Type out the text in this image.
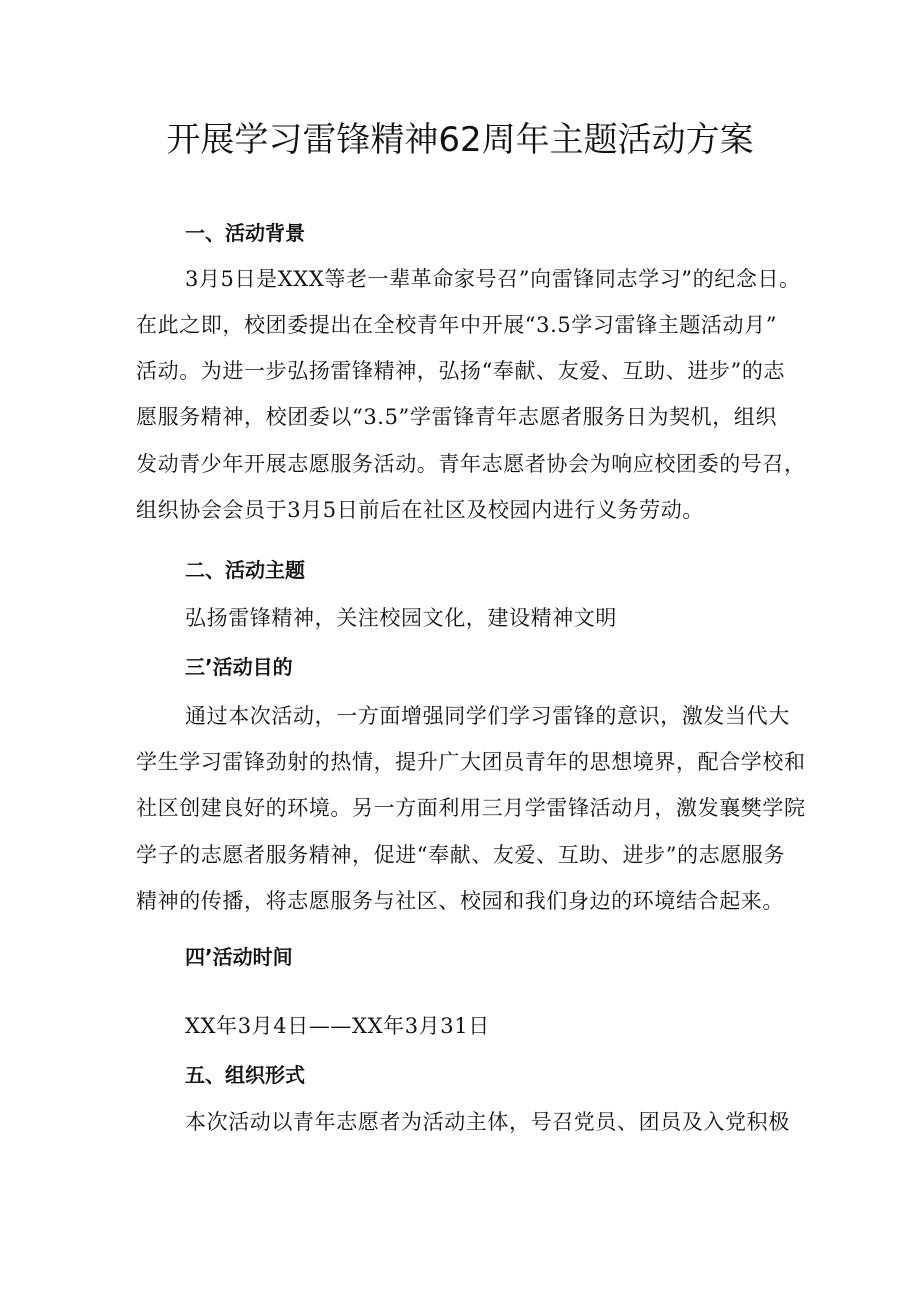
开展学习雷锋精神62周年主题活动方案
一、活动背景
3月5日是XXX等老一辈革命家号召”向雷锋同志学习”的纪念日。
在此之即，校团委提出在全校青年中开展“3.5学习雷锋主题活动月”
活动。为进一步弘扬雷锋精神，弘扬“奉献、友爱、互助、进步”的志
愿服务精神，校团委以“3.5”学雷锋青年志愿者服务日为契机，组织
发动青少年开展志愿服务活动。青年志愿者协会为响应校团委的号召，
组织协会会员于3月5日前后在社区及校园内进行义务劳动。
二、活动主题
弘扬雷锋精神，关注校园文化，建设精神文明
三’活动目的
通过本次活动，一方面增强同学们学习雷锋的意识，激发当代大
学生学习雷锋劲射的热情，提升广大团员青年的思想境界，配合学校和
社区创建良好的环境。另一方面利用三月学雷锋活动月，激发襄樊学院
学子的志愿者服务精神，促进“奉献、友爱、互助、进步”的志愿服务
精神的传播，将志愿服务与社区、校园和我们身边的环境结合起来。
四’活动时间
XX年3月4日——XX年3月31日
五、组织形式
本次活动以青年志愿者为活动主体，号召党员、团员及入党积极
